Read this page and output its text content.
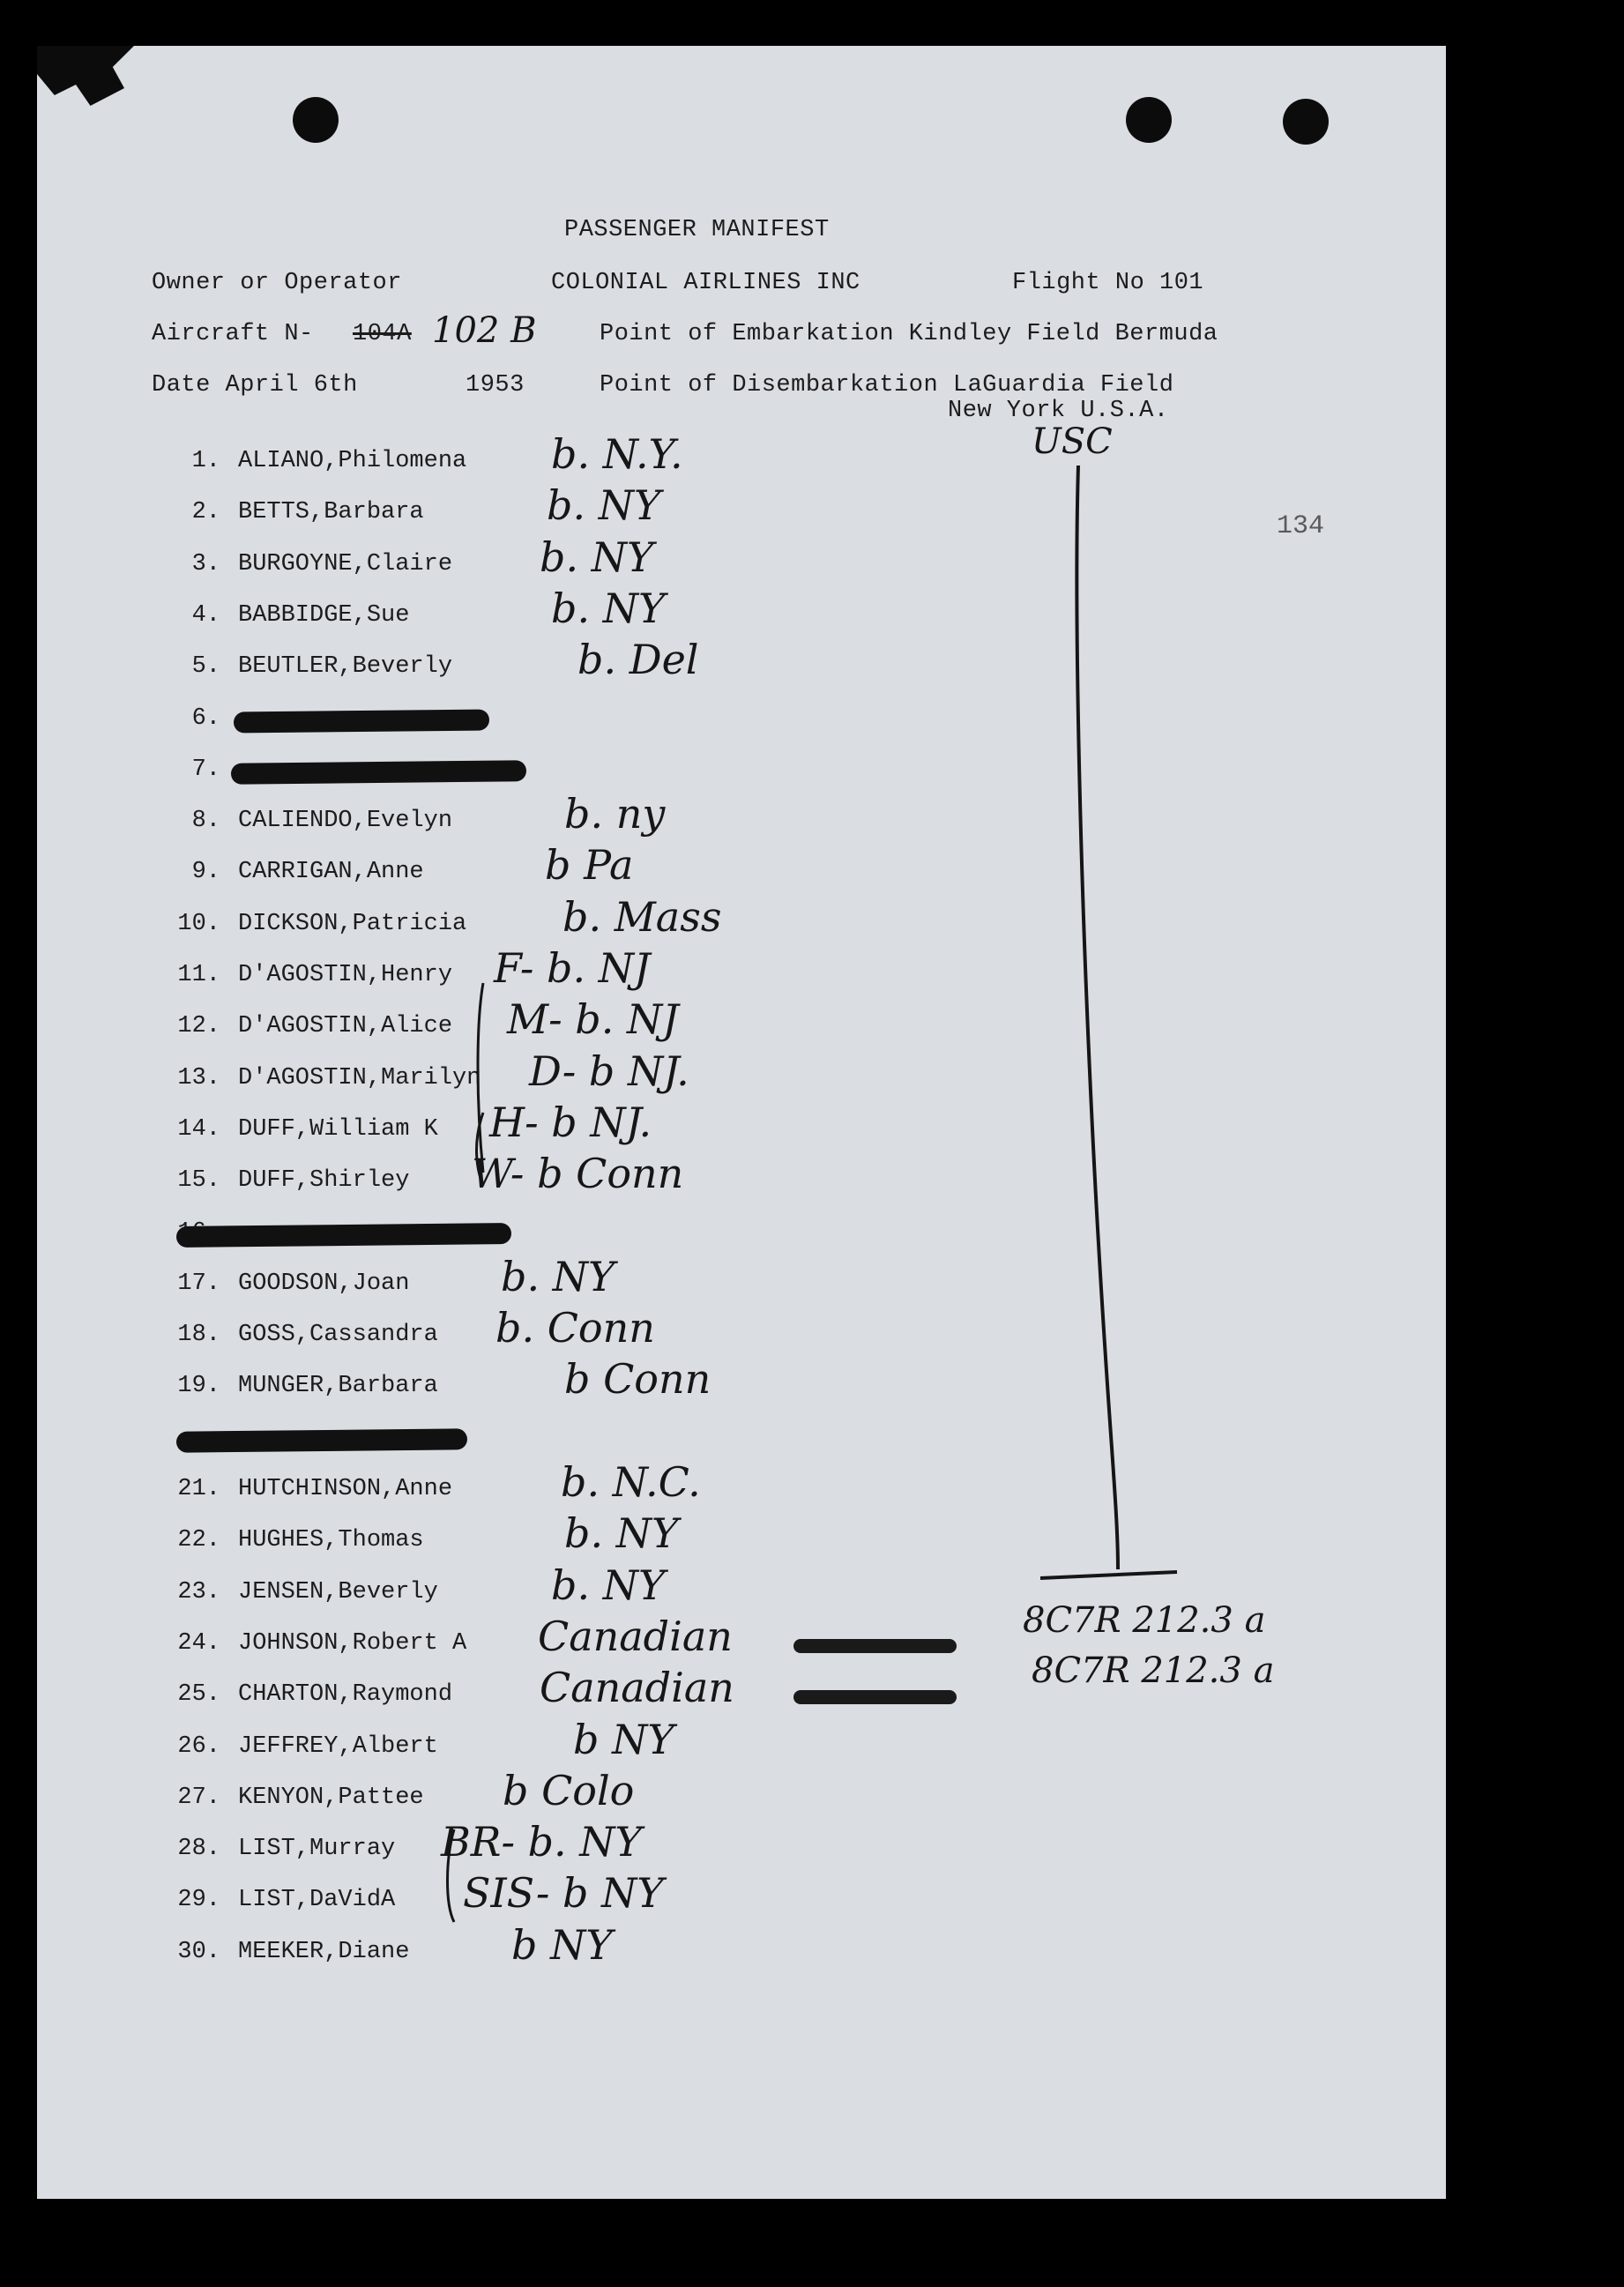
PASSENGER MANIFEST
Owner or Operator	COLONIAL AIRLINES INC	Flight No 101
Aircraft N- 104A 102 B	Point of Embarkation Kindley Field Bermuda
Date April 6th	1953	Point of Disembarkation LaGuardia Field
New York U.S.A.
134
USC
1. ALIANO,Philomena b. N.Y.
2. BETTS,Barbara	b. NY
3. BURGOYNE,Claire b. NY
4. BABBIDGE,Sue	b. NY
5. BEUTLER,Beverly	b. Del
6.
7.
8. CALIENDO,Evelyn	b. ny
9. CARRIGAN,Anne	b Pa
10. DICKSON,Patricia b. Mass
11. D'AGOSTIN,Henry F- b. NJ
12. D'AGOSTIN,Alice M- b. NJ
13. D'AGOSTIN,Marilyn D- b NJ.
14. DUFF,William K H- b NJ.
15. DUFF,Shirley W- b Conn
17. GOODSON,Joan b. NY
18. GOSS,Cassandra b. Conn
19. MUNGER,Barbara	b Conn
21. HUTCHINSON,Anne	b. N.C.
22. HUGHES,Thomas	b. NY
23. JENSEN,Beverly	b. NY
24. JOHNSON,Robert A Canadian
25. CHARTON,Raymond Canadian
26. JEFFREY,Albert	b NY
27. KENYON,Pattee b Colo
28. LIST,Murray BR- b. NY
29. LIST,DaVidA SIS- b NY
30. MEEKER,Diane	b NY
8C7R 212.3 a
8C7R 212.3 a
